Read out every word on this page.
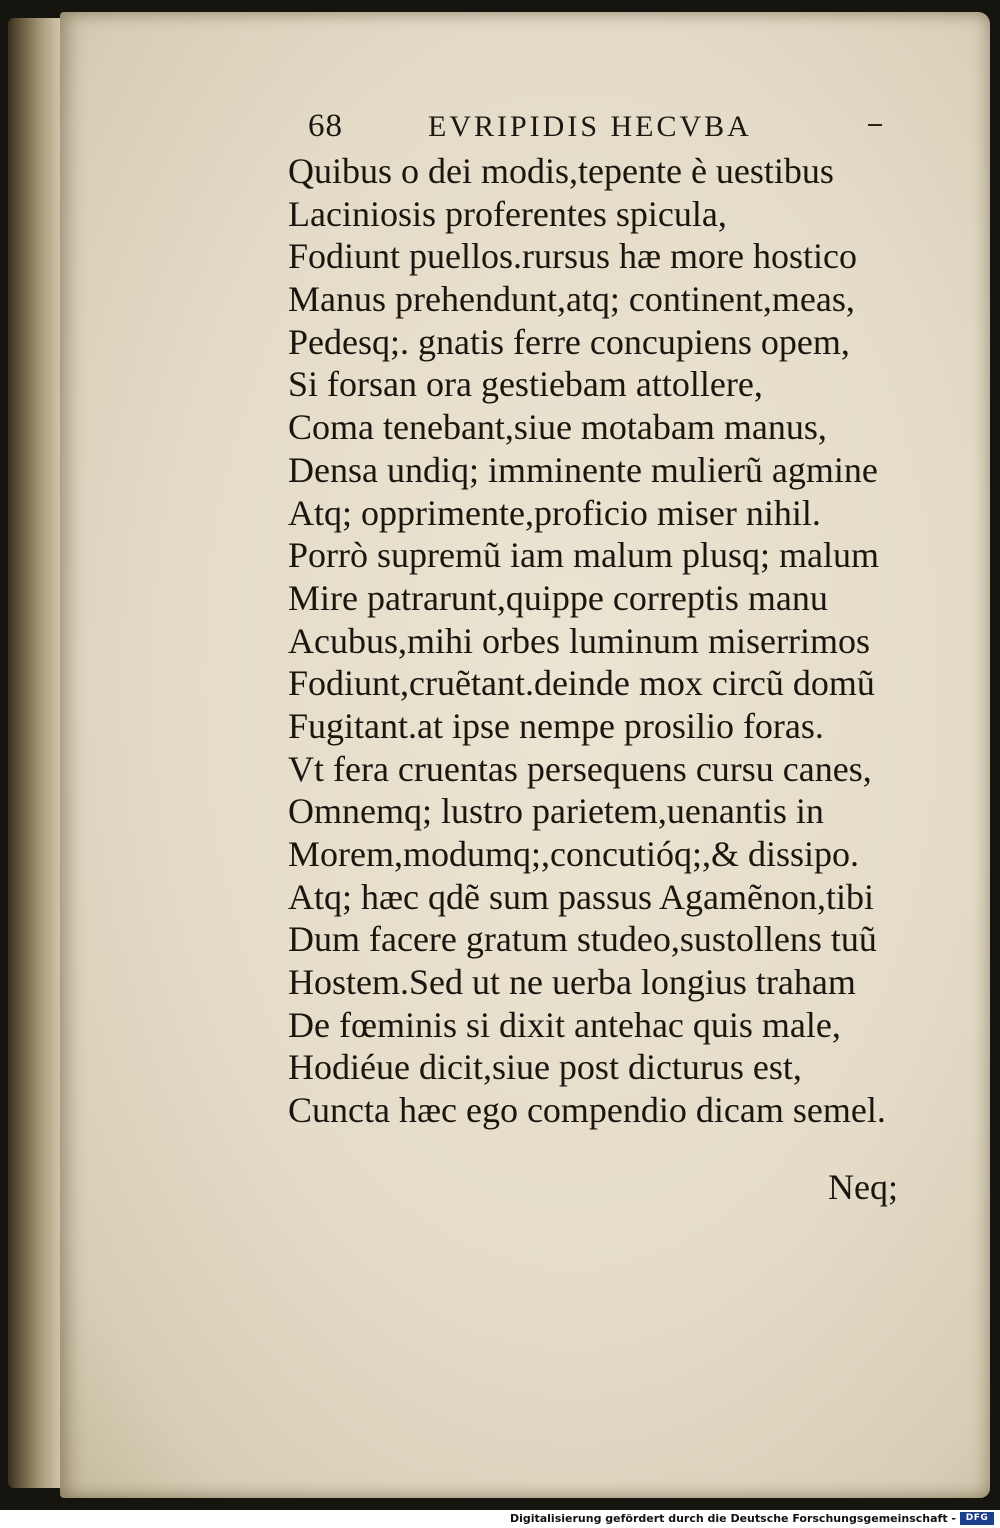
68	EVRIPIDIS HECVBA
Quibus o dei modis,tepente è uestibus
Laciniosis proferentes spicula,
Fodiunt puellos.rursus hæ more hostico
Manus prehendunt,atq; continent,meas,
Pedesq;. gnatis ferre concupiens opem,
Si forsan ora gestiebam attollere,
Coma tenebant,siue motabam manus,
Densa undiq; imminente mulierũ agmine
Atq; opprimente,proficio miser nihil.
Porrò supremũ iam malum plusq; malum
Mire patrarunt,quippe correptis manu
Acubus,mihi orbes luminum miserrimos
Fodiunt,cruẽtant.deinde mox circũ domũ
Fugitant.at ipse nempe prosilio foras.
Vt fera cruentas persequens cursu canes,
Omnemq; lustro parietem,uenantis in
Morem,modumq;,concutióq;,& dissipo.
Atq; hæc qdẽ sum passus Agamẽnon,tibi
Dum facere gratum studeo,sustollens tuũ
Hostem.Sed ut ne uerba longius traham
De fœminis si dixit antehac quis male,
Hodiéue dicit,siue post dicturus est,
Cuncta hæc ego compendio dicam semel.
Neq;
Digitalisierung gefördert durch die Deutsche Forschungsgemeinschaft -	DFG
